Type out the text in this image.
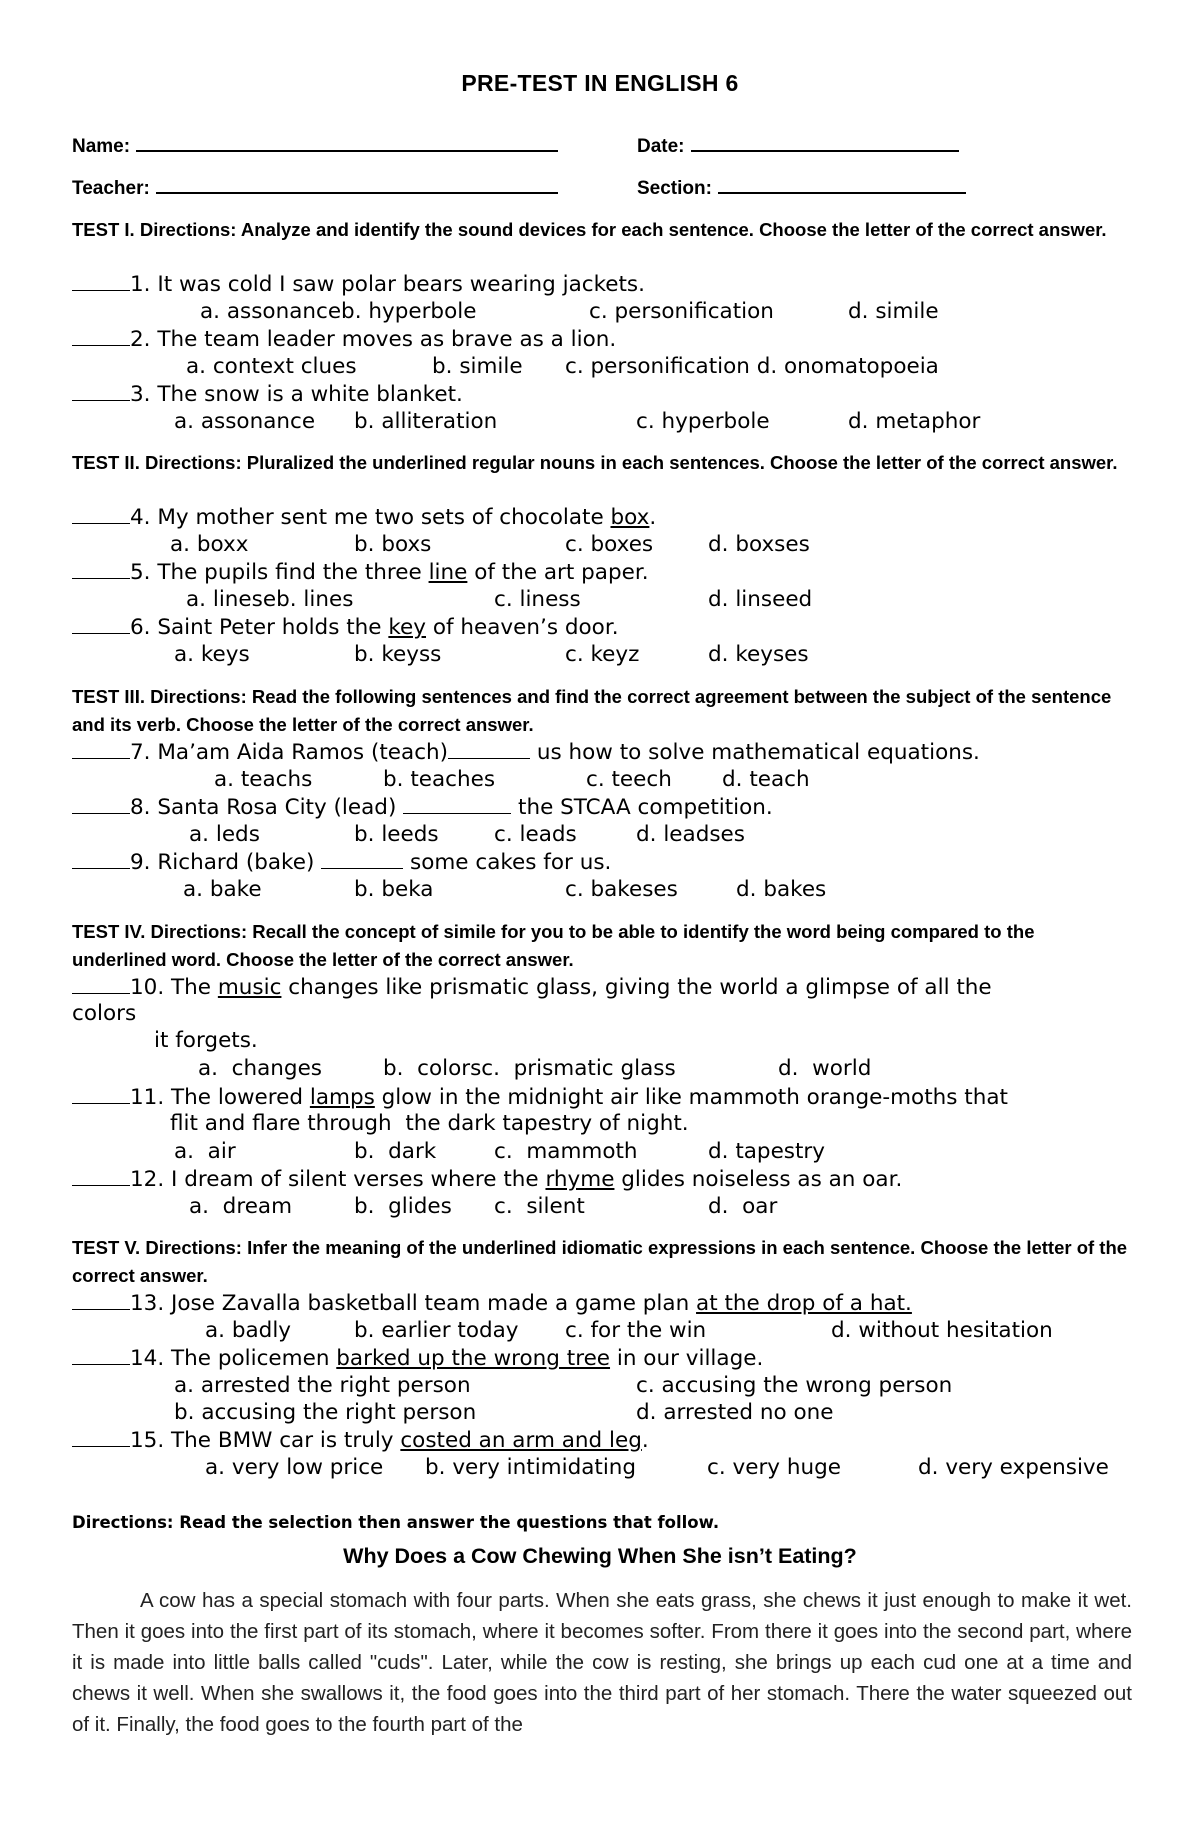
PRE-TEST IN ENGLISH 6
Name:	Date:
Teacher:	Section:
TEST I. Directions: Analyze and identify the sound devices for each sentence. Choose the letter of the correct answer.
1. It was cold I saw polar bears wearing jackets.
a. assonanceb. hyperbole	c. personification	d. simile
2. The team leader moves as brave as a lion.
a. context clues	b. simile c. personification d. onomatopoeia
3. The snow is a white blanket.
a. assonance b. alliteration	c. hyperbole	d. metaphor
TEST II. Directions: Pluralized the underlined regular nouns in each sentences. Choose the letter of the correct answer.
4. My mother sent me two sets of chocolate box.
a. boxx	b. boxs	c. boxes	d. boxses
5. The pupils find the three line of the art paper.
a. lineseb. lines	c. liness	d. linseed
6. Saint Peter holds the key of heaven’s door.
a. keys	b. keyss	c. keyz	d. keyses
TEST III. Directions: Read the following sentences and find the correct agreement between the subject of the sentence and its verb. Choose the letter of the correct answer.
7. Ma’am Aida Ramos (teach)	us how to solve mathematical equations.
a. teachs	b. teaches	c. teech d. teach
8. Santa Rosa City (lead)	the STCAA competition.
a. leds	b. leeds	c. leads	d. leadses
9. Richard (bake)	some cakes for us.
a. bake	b. beka	c. bakeses	d. bakes
TEST IV. Directions: Recall the concept of simile for you to be able to identify the word being compared to the underlined word. Choose the letter of the correct answer.
10. The music changes like prismatic glass, giving the world a glimpse of all the
colors
it forgets.
a.  changes	b.  colorsc.  prismatic glass	d.  world
11. The lowered lamps glow in the midnight air like mammoth orange-moths that
flit and flare through  the dark tapestry of night.
a.  air	b.  dark	c.  mammoth	d. tapestry
12. I dream of silent verses where the rhyme glides noiseless as an oar.
a.  dream	b.  glides c.  silent	d.  oar
TEST V. Directions: Infer the meaning of the underlined idiomatic expressions in each sentence. Choose the letter of the correct answer.
13. Jose Zavalla basketball team made a game plan at the drop of a hat.
a. badly	b. earlier today c. for the win	d. without hesitation
14. The policemen barked up the wrong tree in our village.
a. arrested the right person	c. accusing the wrong person
b. accusing the right person	d. arrested no one
15. The BMW car is truly costed an arm and leg.
a. very low price b. very intimidating	c. very huge	d. very expensive
Directions: Read the selection then answer the questions that follow.
Why Does a Cow Chewing When She isn’t Eating?

A cow has a special stomach with four parts. When she eats grass, she chews it just enough to make it wet. Then it goes into the first part of its stomach, where it becomes softer. From there it goes into the second part, where it is made into little balls called "cuds". Later, while the cow is resting, she brings up each cud one at a time and chews it well. When she swallows it, the food goes into the third part of her stomach. There the water squeezed out of it. Finally, the food goes to the fourth part of the
